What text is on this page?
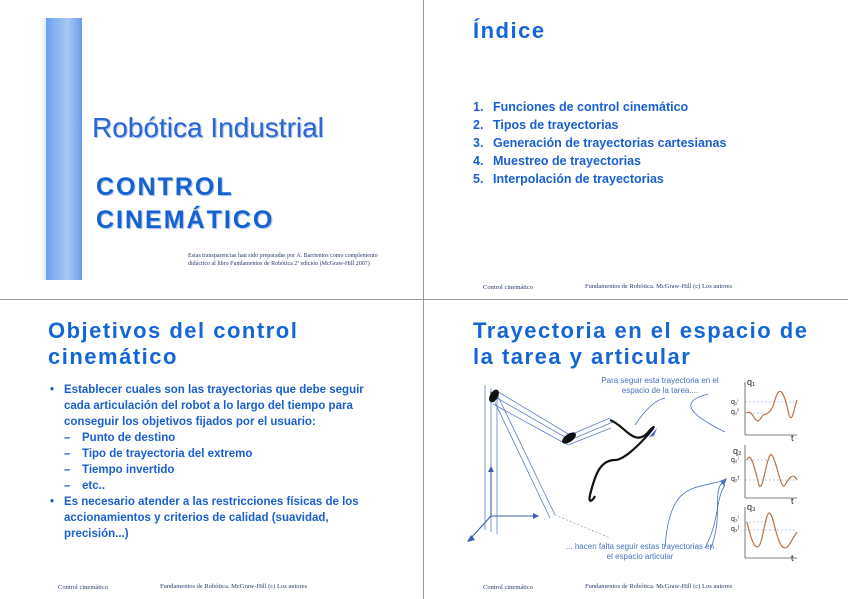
Robótica Industrial
CONTROL
CINEMÁTICO
Estas transparencias han sido preparadas por A. Barrientos como complemento didáctico al libro Fundamentos de Robótica 2ª edición (McGraw-Hill 2007)
Índice
1. Funciones de control cinemático
2. Tipos de trayectorias
3. Generación de trayectorias cartesianas
4. Muestreo de trayectorias
5. Interpolación de trayectorias
Control cinemático	Fundamentos de Robótica. McGraw-Hill (c) Los autores
Objetivos del control
cinemático
• Establecer cuales son las trayectorias que debe seguir cada articulación del robot a lo largo del tiempo para conseguir los objetivos fijados por el usuario:
– Punto de destino
– Tipo de trayectoria del extremo
– Tiempo invertido
– etc..
• Es necesario atender a las restricciones físicas de los accionamientos y criterios de calidad (suavidad, precisión...)
Control cinemático	Fundamentos de Robótica. McGraw-Hill (c) Los autores
Trayectoria en el espacio de
la tarea y articular
Para seguir esta trayectoria en el espacio de la tarea....
... hacen falta seguir estas trayectorias en el espacio articular
q₁
q₁ⁱ
q₁ᶠ
t
q₂
q₂ⁱ
q₂ᶠ
t
q₃
q₃ⁱ
q₃ᶠ
t
Control cinemático	Fundamentos de Robótica. McGraw-Hill (c) Los autores
